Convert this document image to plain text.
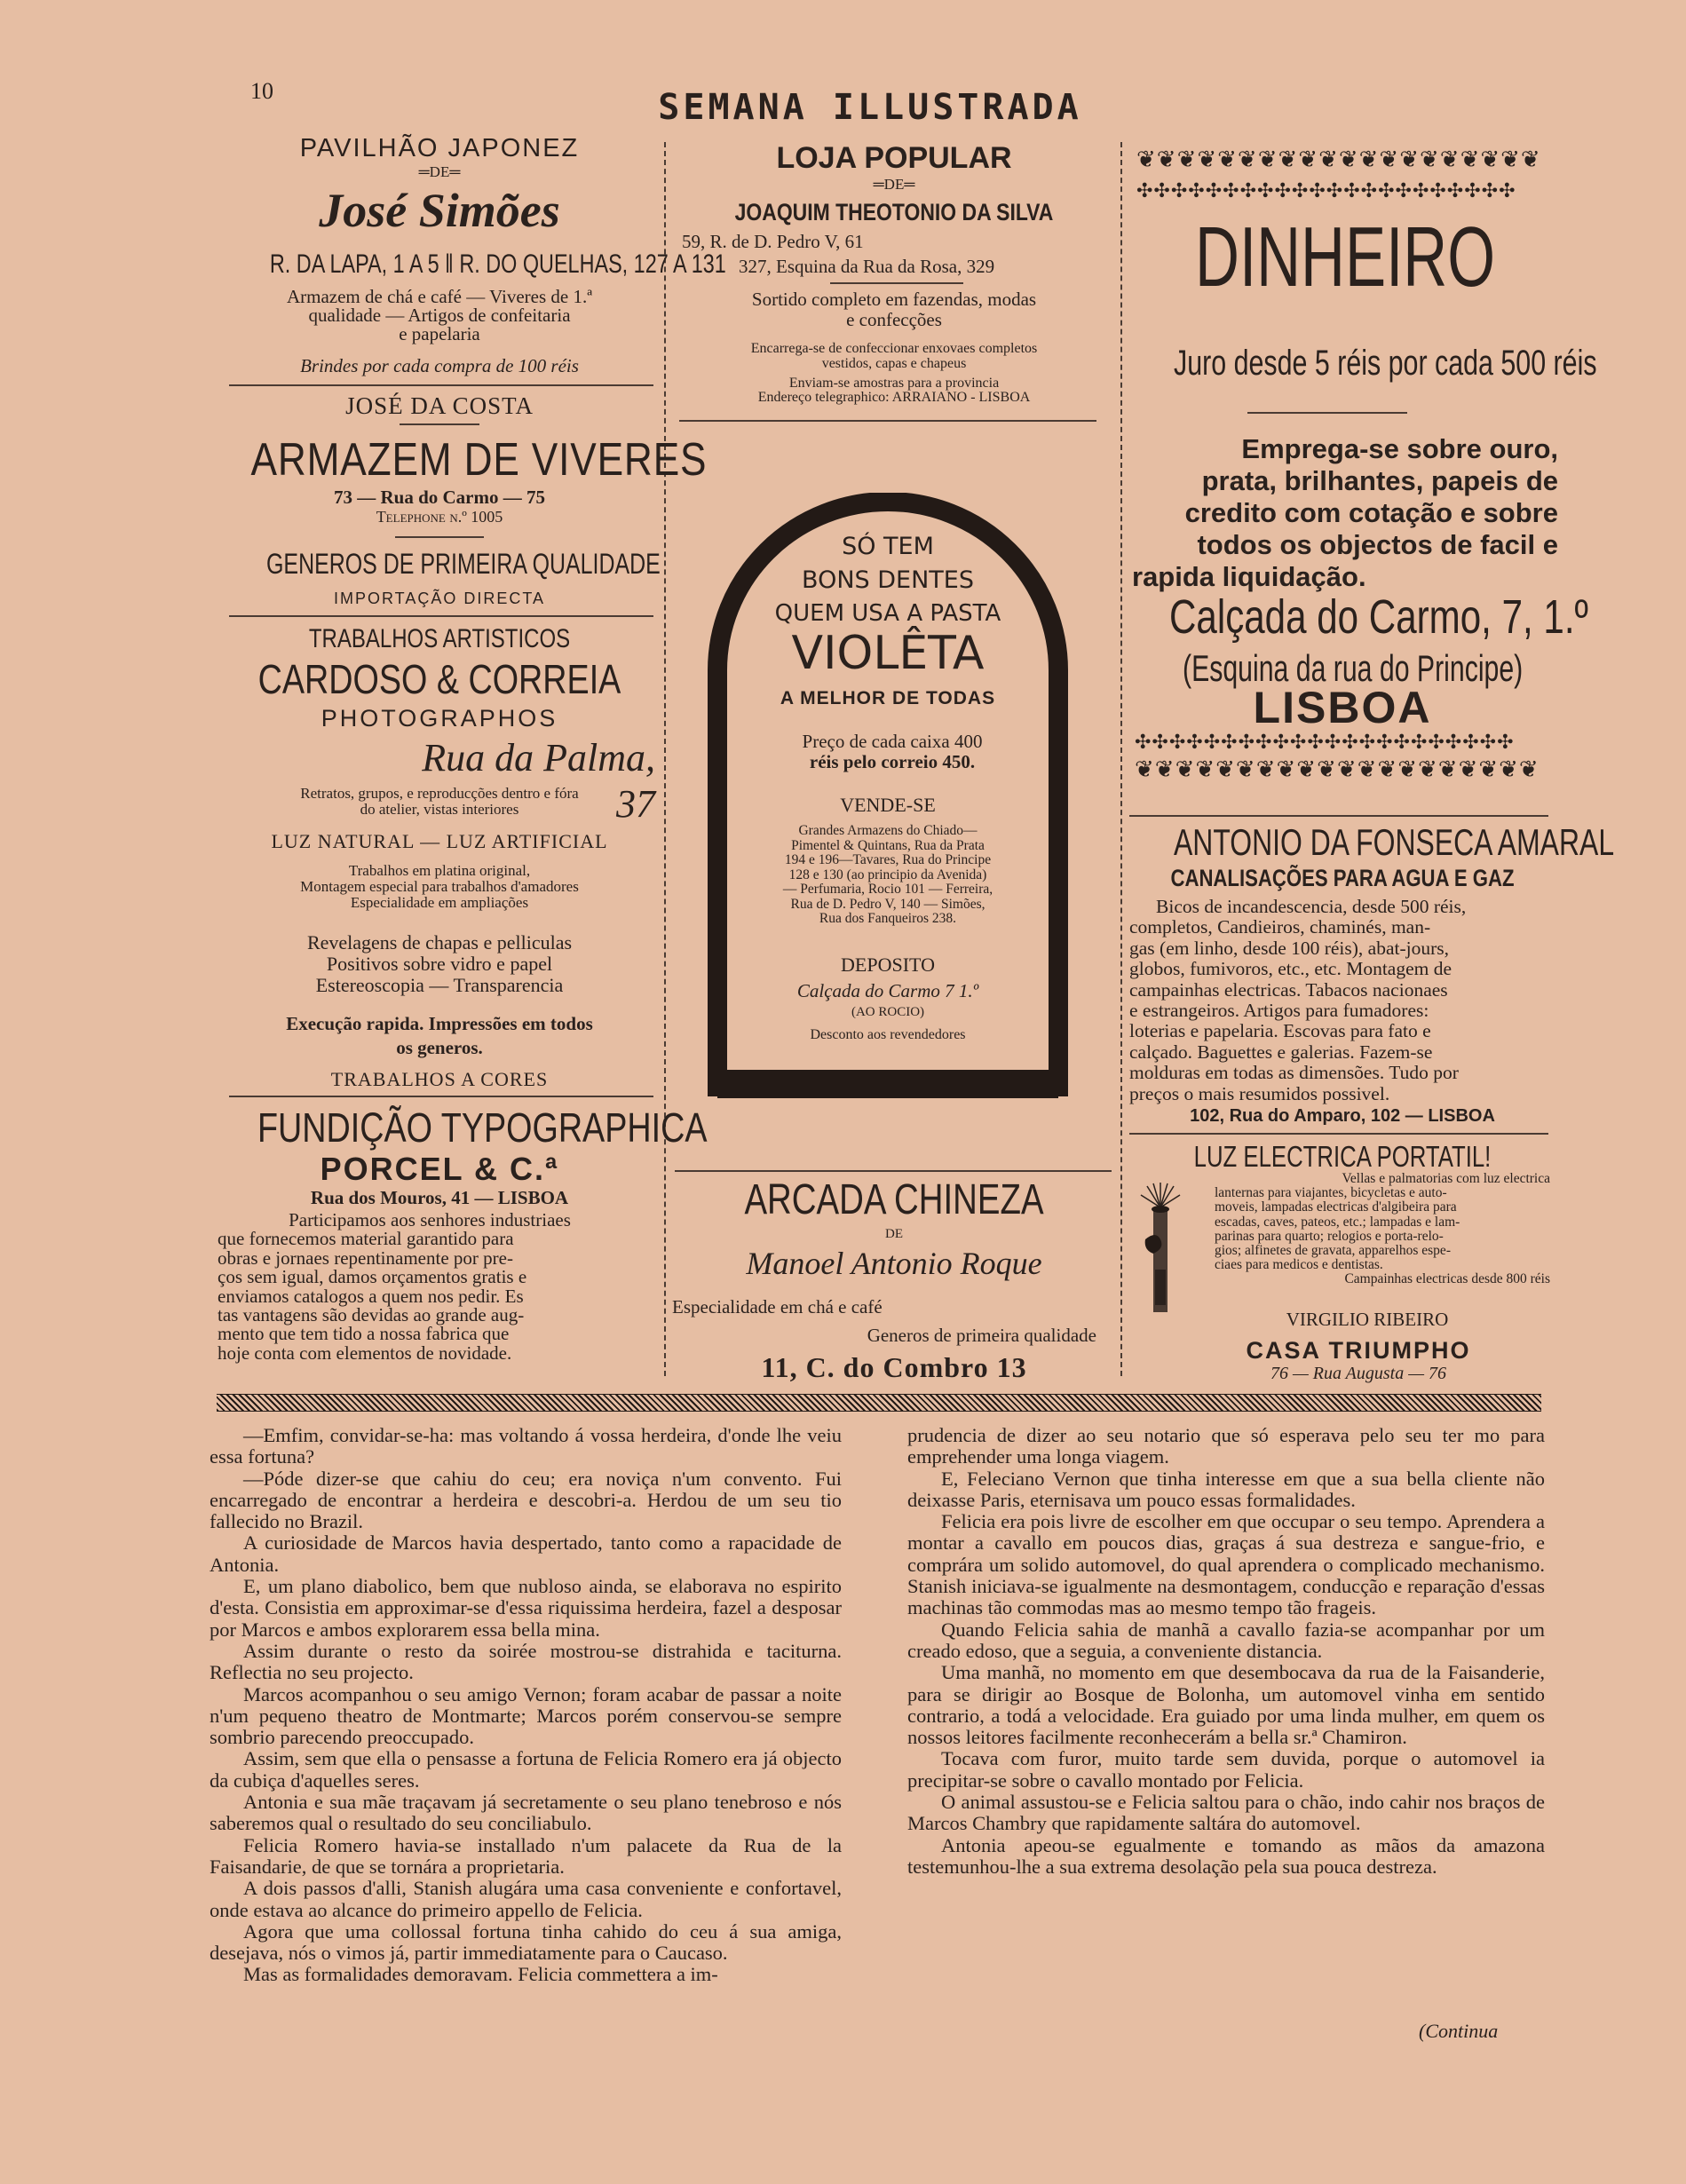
10	SEMANA ILLUSTRADA
PAVILHÃO JAPONEZ
═DE═
José Simões
R. DA LAPA, 1 A 5 ‖ R. DO QUELHAS, 127 A 131
Armazem de chá e café — Viveres de 1.ª
qualidade — Artigos de confeitaria
e papelaria
Brindes por cada compra de 100 réis
JOSÉ DA COSTA
ARMAZEM DE VIVERES
73 — Rua do Carmo — 75
Telephone n.º 1005
GENEROS DE PRIMEIRA QUALIDADE
IMPORTAÇÃO DIRECTA
TRABALHOS ARTISTICOS
CARDOSO & CORREIA
PHOTOGRAPHOS
Rua da Palma, 37
Retratos, grupos, e reproducções dentro e fóra
do atelier, vistas interiores
LUZ NATURAL — LUZ ARTIFICIAL
Trabalhos em platina original,
Montagem especial para trabalhos d'amadores
Especialidade em ampliações
Revelagens de chapas e pelliculas
Positivos sobre vidro e papel
Estereoscopia — Transparencia
Execução rapida. Impressões em todos
os generos.
TRABALHOS A CORES
FUNDIÇÃO TYPOGRAPHICA
PORCEL & C.ª
Rua dos Mouros, 41 — LISBOA
Participamos aos senhores industriaes
que fornecemos material garantido para
obras e jornaes repentinamente por pre-
ços sem igual, damos orçamentos gratis e
enviamos catalogos a quem nos pedir. Es
tas vantagens são devidas ao grande aug-
mento que tem tido a nossa fabrica que
hoje conta com elementos de novidade.
LOJA POPULAR
═DE═
JOAQUIM THEOTONIO DA SILVA
59, R. de D. Pedro V, 61
327, Esquina da Rua da Rosa, 329
Sortido completo em fazendas, modas
e confecções
Encarrega-se de confeccionar enxovaes completos
vestidos, capas e chapeus
Enviam-se amostras para a provincia
Endereço telegraphico: ARRAIANO - LISBOA
SÓ TEM
BONS DENTES
QUEM USA A PASTA
VIOLÊTA
A MELHOR DE TODAS
Preço de cada caixa 400
réis pelo correio 450.
VENDE-SE
Grandes Armazens do Chiado—
Pimentel & Quintans, Rua da Prata
194 e 196—Tavares, Rua do Principe
128 e 130 (ao principio da Avenida)
— Perfumaria, Rocio 101 — Ferreira,
Rua de D. Pedro V, 140 — Simões,
Rua dos Fanqueiros 238.
DEPOSITO
Calçada do Carmo 7 1.º
(AO ROCIO)
Desconto aos revendedores
ARCADA CHINEZA
DE
Manoel Antonio Roque
Especialidade em chá e café
Generos de primeira qualidade
11, C. do Combro 13
❦❦❦❦❦❦❦❦❦❦❦❦❦❦❦❦❦❦❦❦
✣✣✣✣✣✣✣✣✣✣✣✣✣✣✣✣✣✣✣✣✣✣
DINHEIRO
Juro desde 5 réis por cada 500 réis
Emprega-se sobre ouro,
prata, brilhantes, papeis de
credito com cotação e sobre
todos os objectos de facil e
rapida liquidação.
Calçada do Carmo, 7, 1.º
(Esquina da rua do Principe)
LISBOA
✣✣✣✣✣✣✣✣✣✣✣✣✣✣✣✣✣✣✣✣✣✣
❦❦❦❦❦❦❦❦❦❦❦❦❦❦❦❦❦❦❦❦
ANTONIO DA FONSECA AMARAL
CANALISAÇÕES PARA AGUA E GAZ
Bicos de incandescencia, desde 500 réis,
completos, Candieiros, chaminés, man-
gas (em linho, desde 100 réis), abat-jours,
globos, fumivoros, etc., etc. Montagem de
campainhas electricas. Tabacos nacionaes
e estrangeiros. Artigos para fumadores:
loterias e papelaria. Escovas para fato e
calçado. Baguettes e galerias. Fazem-se
molduras em todas as dimensões. Tudo por
preços o mais resumidos possivel.
102, Rua do Amparo, 102 — LISBOA
LUZ ELECTRICA PORTATIL!
Vellas e palmatorias com luz electrica
lanternas para viajantes, bicycletas e auto-
moveis, lampadas electricas d'algibeira para
escadas, caves, pateos, etc.; lampadas e lam-
parinas para quarto; relogios e porta-relo-
gios; alfinetes de gravata, apparelhos espe-
ciaes para medicos e dentistas.
Campainhas electricas desde 800 réis
VIRGILIO RIBEIRO
CASA TRIUMPHO
76 — Rua Augusta — 76

—Emfim, convidar-se-ha: mas voltando á vossa herdeira, d'onde lhe veiu essa fortuna?

—Póde dizer-se que cahiu do ceu; era noviça n'um convento. Fui encarregado de encontrar a herdeira e descobri-a. Herdou de um seu tio fallecido no Brazil.

A curiosidade de Marcos havia despertado, tanto como a rapacidade de Antonia.

E, um plano diabolico, bem que nubloso ainda, se elaborava no espirito d'esta. Consistia em approximar-se d'essa riquissima herdeira, fazel a desposar por Marcos e ambos explorarem essa bella mina.

Assim durante o resto da soirée mostrou-se distrahida e taciturna. Reflectia no seu projecto.

Marcos acompanhou o seu amigo Vernon; foram acabar de passar a noite n'um pequeno theatro de Montmarte; Marcos porém conservou-se sempre sombrio parecendo preoccupado.

Assim, sem que ella o pensasse a fortuna de Felicia Romero era já objecto da cubiça d'aquelles seres.

Antonia e sua mãe traçavam já secretamente o seu plano tenebroso e nós saberemos qual o resultado do seu conciliabulo.

Felicia Romero havia-se installado n'um palacete da Rua de la Faisandarie, de que se tornára a proprietaria.

A dois passos d'alli, Stanish alugára uma casa conveniente e confortavel, onde estava ao alcance do primeiro appello de Felicia.

Agora que uma collossal fortuna tinha cahido do ceu á sua amiga, desejava, nós o vimos já, partir immediatamente para o Caucaso.

Mas as formalidades demoravam. Felicia commettera a im-

prudencia de dizer ao seu notario que só esperava pelo seu ter mo para emprehender uma longa viagem.

E, Feleciano Vernon que tinha interesse em que a sua bella cliente não deixasse Paris, eternisava um pouco essas formalidades.

Felicia era pois livre de escolher em que occupar o seu tempo. Aprendera a montar a cavallo em poucos dias, graças á sua destreza e sangue-frio, e comprára um solido automovel, do qual aprendera o complicado mechanismo. Stanish iniciava-se igualmente na desmontagem, conducção e reparação d'essas machinas tão commodas mas ao mesmo tempo tão frageis.

Quando Felicia sahia de manhã a cavallo fazia-se acompanhar por um creado edoso, que a seguia, a conveniente distancia.

Uma manhã, no momento em que desembocava da rua de la Faisanderie, para se dirigir ao Bosque de Bolonha, um automovel vinha em sentido contrario, a todá a velocidade. Era guiado por uma linda mulher, em quem os nossos leitores facilmente reconhecerám a bella sr.ª Chamiron.

Tocava com furor, muito tarde sem duvida, porque o automovel ia precipitar-se sobre o cavallo montado por Felicia.

O animal assustou-se e Felicia saltou para o chão, indo cahir nos braços de Marcos Chambry que rapidamente saltára do automovel.

Antonia apeou-se egualmente e tomando as mãos da amazona testemunhou-lhe a sua extrema desolação pela sua pouca destreza.

(Continua
